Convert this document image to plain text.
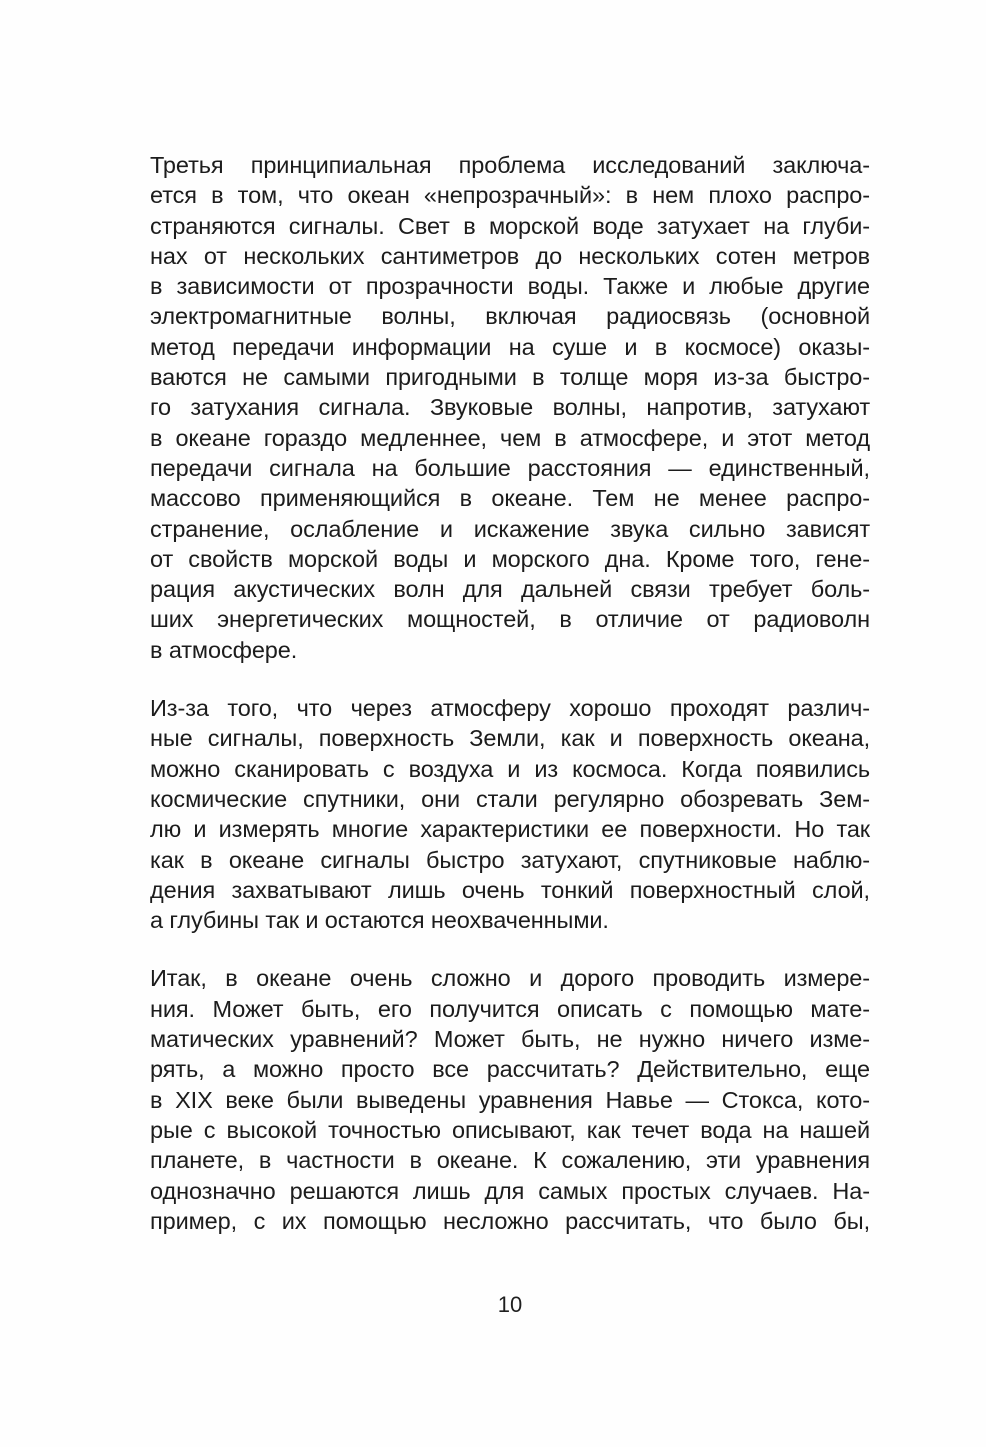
Третья принципиальная проблема исследований заключа-
ется в том, что океан «непрозрачный»: в нем плохо распро-
страняются сигналы. Свет в морской воде затухает на глуби-
нах от нескольких сантиметров до нескольких сотен метров
в зависимости от прозрачности воды. Также и любые другие
электромагнитные волны, включая радиосвязь (основной
метод передачи информации на суше и в космосе) оказы-
ваются не самыми пригодными в толще моря из-за быстро-
го затухания сигнала. Звуковые волны, напротив, затухают
в океане гораздо медленнее, чем в атмосфере, и этот метод
передачи сигнала на большие расстояния — единственный,
массово применяющийся в океане. Тем не менее распро-
странение, ослабление и искажение звука сильно зависят
от свойств морской воды и морского дна. Кроме того, гене-
рация акустических волн для дальней связи требует боль-
ших энергетических мощностей, в отличие от радиоволн
в атмосфере.
Из-за того, что через атмосферу хорошо проходят различ-
ные сигналы, поверхность Земли, как и поверхность океана,
можно сканировать с воздуха и из космоса. Когда появились
космические спутники, они стали регулярно обозревать Зем-
лю и измерять многие характеристики ее поверхности. Но так
как в океане сигналы быстро затухают, спутниковые наблю-
дения захватывают лишь очень тонкий поверхностный слой,
а глубины так и остаются неохваченными.
Итак, в океане очень сложно и дорого проводить измере-
ния. Может быть, его получится описать с помощью мате-
матических уравнений? Может быть, не нужно ничего изме-
рять, а можно просто все рассчитать? Действительно, еще
в XIX веке были выведены уравнения Навье — Стокса, кото-
рые с высокой точностью описывают, как течет вода на нашей
планете, в частности в океане. К сожалению, эти уравнения
однозначно решаются лишь для самых простых случаев. На-
пример, с их помощью несложно рассчитать, что было бы,
10
